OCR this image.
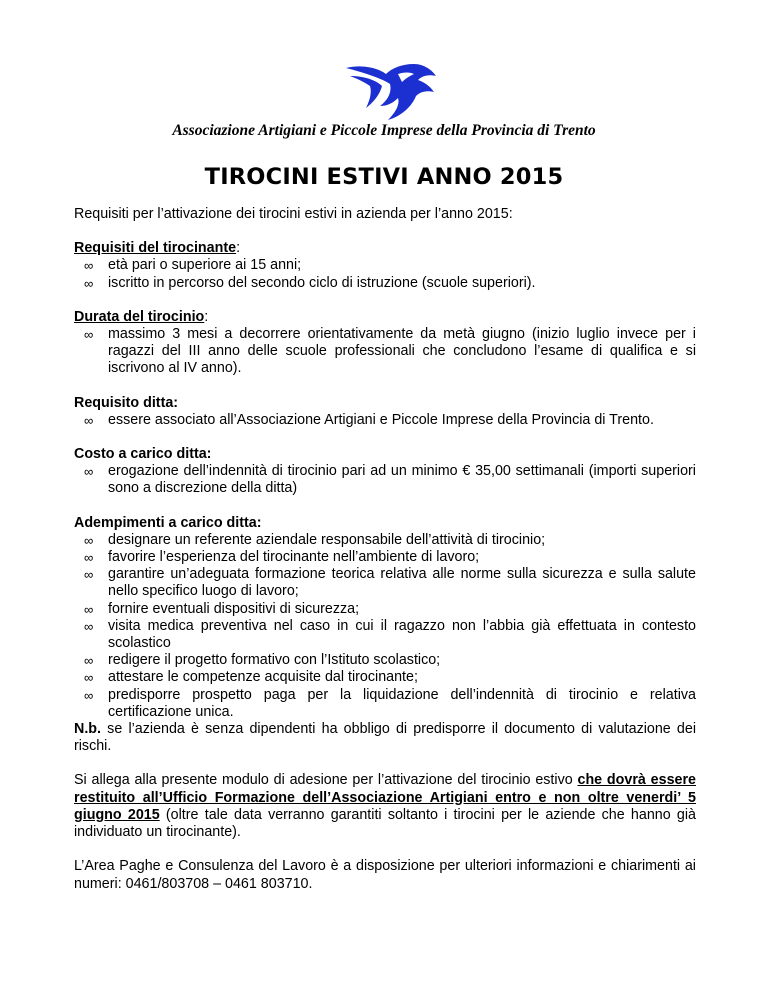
Associazione Artigiani e Piccole Imprese della Provincia di Trento
TIROCINI ESTIVI ANNO 2015

Requisiti per l’attivazione dei tirocini estivi in azienda per l’anno 2015:

Requisiti del tirocinante:

∞	età pari o superiore ai 15 anni;
∞	iscritto in percorso del secondo ciclo di istruzione (scuole superiori).

Durata del tirocinio:

∞	massimo 3 mesi a decorrere orientativamente da metà giugno (inizio luglio invece per i ragazzi del III anno delle scuole professionali che concludono l’esame di qualifica e si iscrivono al IV anno).

Requisito ditta:

∞	essere associato all’Associazione Artigiani e Piccole Imprese della Provincia di Trento.

Costo a carico ditta:

∞	erogazione dell’indennità di tirocinio pari ad un minimo € 35,00 settimanali (importi superiori sono a discrezione della ditta)

Adempimenti a carico ditta:

∞	designare un referente aziendale responsabile dell’attività di tirocinio;
∞	favorire l’esperienza del tirocinante nell’ambiente di lavoro;
∞	garantire un’adeguata formazione teorica relativa alle norme sulla sicurezza e sulla salute nello specifico luogo di lavoro;
∞	fornire eventuali dispositivi di sicurezza;
∞	visita medica preventiva nel caso in cui il ragazzo non l’abbia già effettuata in contesto scolastico
∞	redigere il progetto formativo con l’Istituto scolastico;
∞	attestare le competenze acquisite dal tirocinante;
∞	predisporre prospetto paga per la liquidazione dell’indennità di tirocinio e relativa certificazione unica.

N.b. se l’azienda è senza dipendenti ha obbligo di predisporre il documento di valutazione dei rischi.

Si allega alla presente modulo di adesione per l’attivazione del tirocinio estivo che dovrà essere restituito all’Ufficio Formazione dell’Associazione Artigiani entro e non oltre venerdi’ 5 giugno 2015 (oltre tale data verranno garantiti soltanto i tirocini per le aziende che hanno già individuato un tirocinante).

L’Area Paghe e Consulenza del Lavoro è a disposizione per ulteriori informazioni e chiarimenti ai numeri: 0461/803708 – 0461 803710.
